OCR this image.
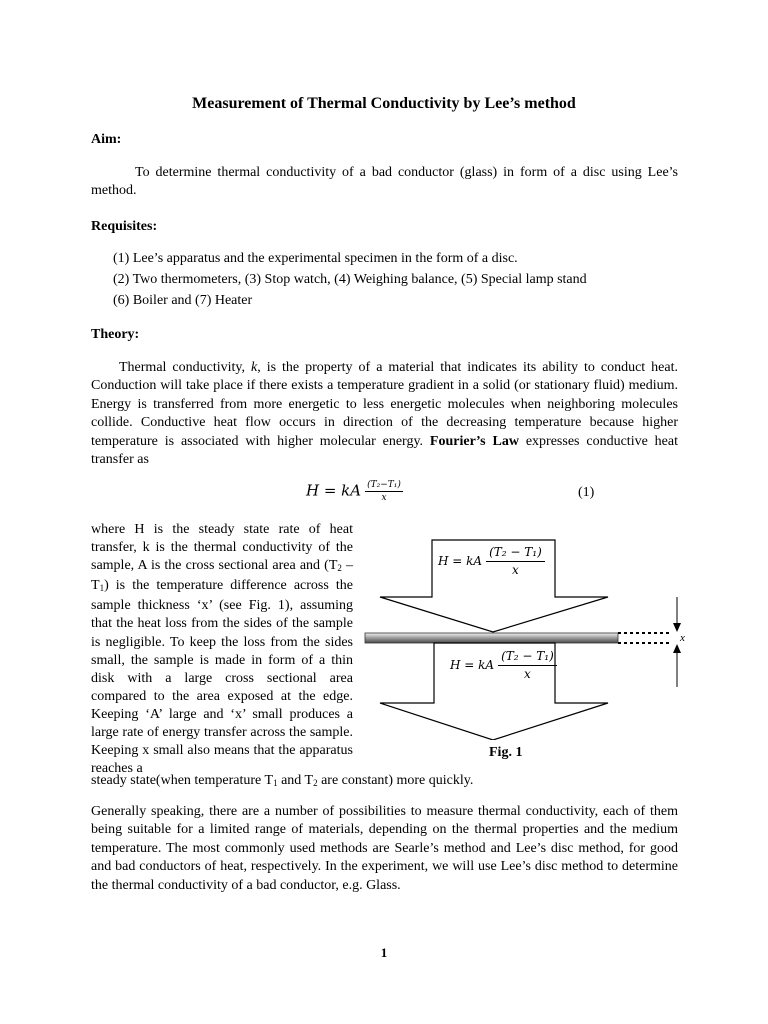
Measurement of Thermal Conductivity by Lee’s method
Aim:
To determine thermal conductivity of a bad conductor (glass) in form of a disc using Lee’s method.
Requisites:
(1) Lee’s apparatus and the experimental specimen in the form of a disc.
(2) Two thermometers, (3) Stop watch, (4) Weighing balance, (5) Special lamp stand
(6) Boiler and (7) Heater
Theory:
Thermal conductivity, k, is the property of a material that indicates its ability to conduct heat. Conduction will take place if there exists a temperature gradient in a solid (or stationary fluid) medium. Energy is transferred from more energetic to less energetic molecules when neighboring molecules collide. Conductive heat flow occurs in direction of the decreasing temperature because higher temperature is associated with higher molecular energy. Fourier’s Law expresses conductive heat transfer as
H = kA $\frac{\text{(T₂−T₁)}}{x}$	(1)
where H is the steady state rate of heat transfer, k is the thermal conductivity of the sample, A is the cross sectional area and $(T_2 - T_1)$ is the temperature difference across the sample thickness ‘x’ (see Fig. 1), assuming that the heat loss from the sides of the sample is negligible. To keep the loss from the sides small, the sample is made in form of a thin disk with a large cross sectional area compared to the area exposed at the edge. Keeping ‘A’ large and ‘x’ small produces a large rate of energy transfer across the sample. Keeping x small also means that the apparatus reaches a
steady state(when temperature $T_1$ and $T_2$ are constant) more quickly.
Generally speaking, there are a number of possibilities to measure thermal conductivity, each of them being suitable for a limited range of materials, depending on the thermal properties and the medium temperature. The most commonly used methods are Searle’s method and Lee’s disc method, for good and bad conductors of heat, respectively. In the experiment, we will use Lee’s disc method to determine the thermal conductivity of a bad conductor, e.g. Glass.
x
H = kA $\frac{\text{(T₂ − T₁)}}{x}$
H = kA $\frac{\text{(T₂ − T₁)}}{x}$
Fig. 1
1
